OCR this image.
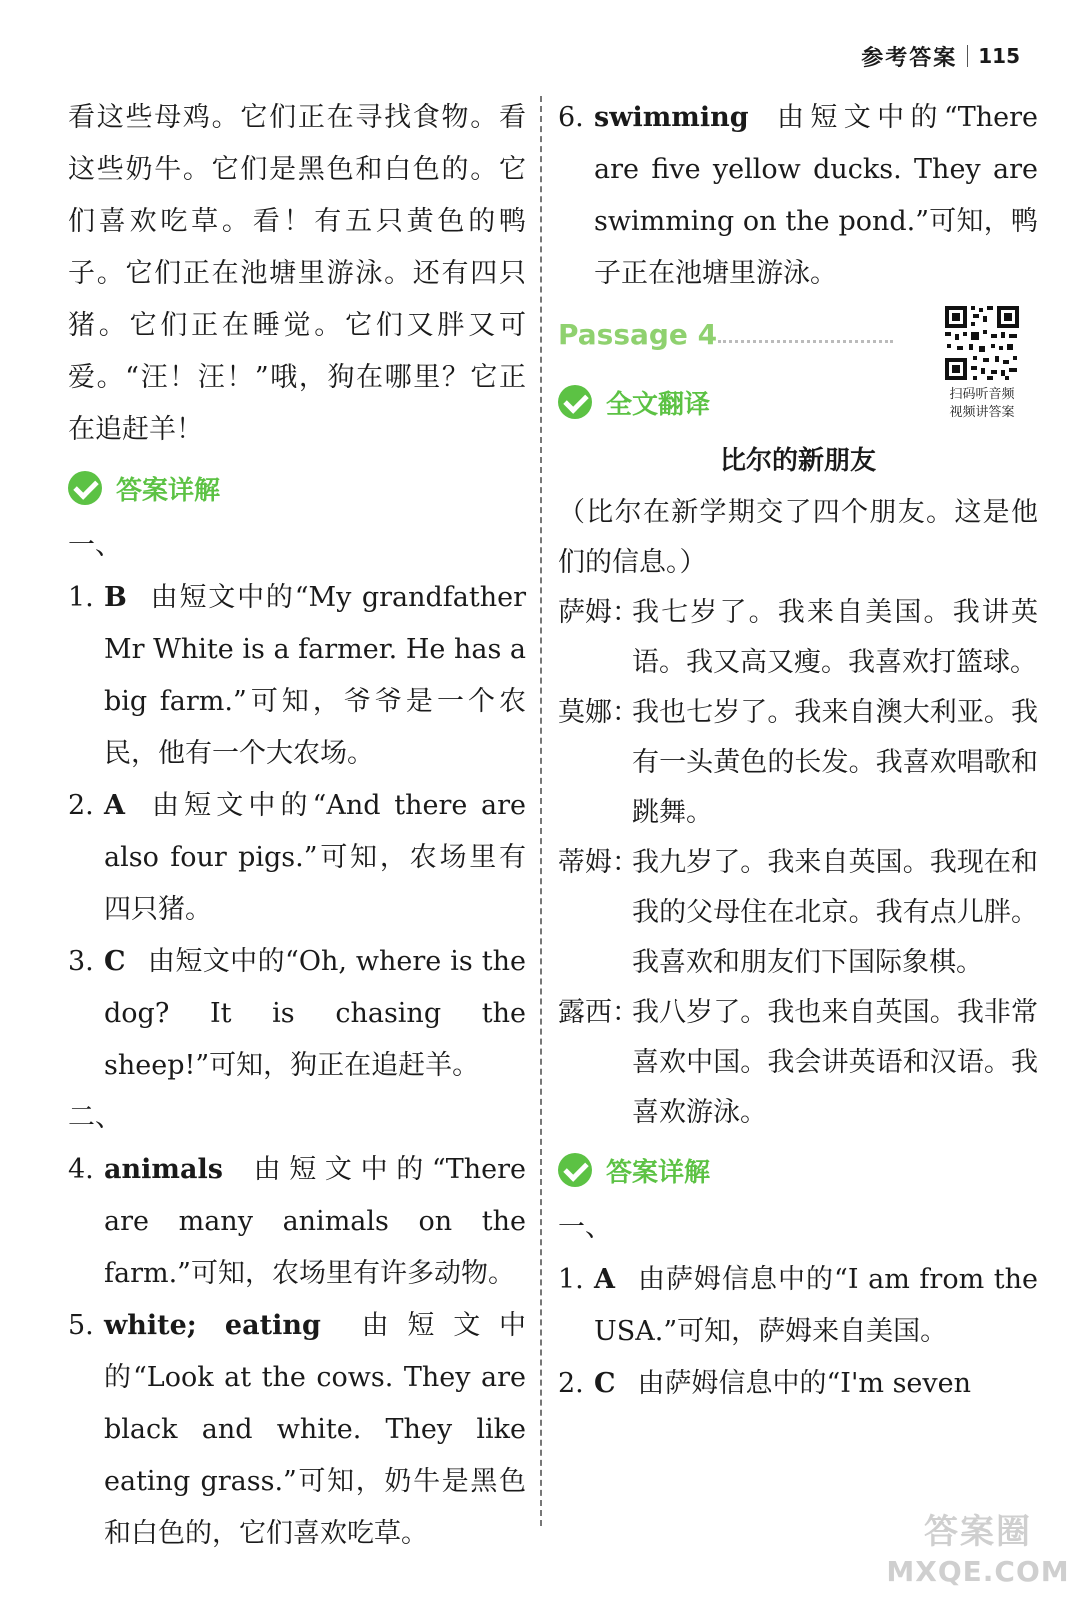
参考答案 115

看这些母鸡。它们正在寻找食物。看这些奶牛。它们是黑色和白色的。它们喜欢吃草。看！有五只黄色的鸭子。它们正在池塘里游泳。还有四只猪。它们正在睡觉。它们又胖又可爱。“汪！汪！”哦，狗在哪里？它正在追赶羊！

答案详解

一、

1. B 由短文中的“My grandfather Mr White is a farmer. He has a big farm.”可知，爷爷是一个农民，他有一个大农场。
2. A 由短文中的“And there are also four pigs.”可知，农场里有四只猪。
3. C 由短文中的“Oh, where is the dog? It is chasing the sheep!”可知，狗正在追赶羊。

二、

4. animals 由短文中的“There are many animals on the farm.”可知，农场里有许多动物。
5. white; eating 由短文中的“Look at the cows. They are black and white. They like eating grass.”可知，奶牛是黑色和白色的，它们喜欢吃草。
6. swimming 由短文中的“There are five yellow ducks. They are swimming on the pond.”可知，鸭子正在池塘里游泳。
Passage 4
扫码听音频
视频讲答案
全文翻译

比尔的新朋友

（比尔在新学期交了四个朋友。这是他们的信息。）

萨姆：
我七岁了。我来自美国。我讲英语。我又高又瘦。我喜欢打篮球。
莫娜：
我也七岁了。我来自澳大利亚。我有一头黄色的长发。我喜欢唱歌和跳舞。
蒂姆：
我九岁了。我来自英国。我现在和我的父母住在北京。我有点儿胖。我喜欢和朋友们下国际象棋。
露西：
我八岁了。我也来自英国。我非常喜欢中国。我会讲英语和汉语。我喜欢游泳。
答案详解

一、

1. A 由萨姆信息中的“I am from the USA.”可知，萨姆来自美国。
2. C 由萨姆信息中的“I'm seven
答案圈
MXQE.COM
